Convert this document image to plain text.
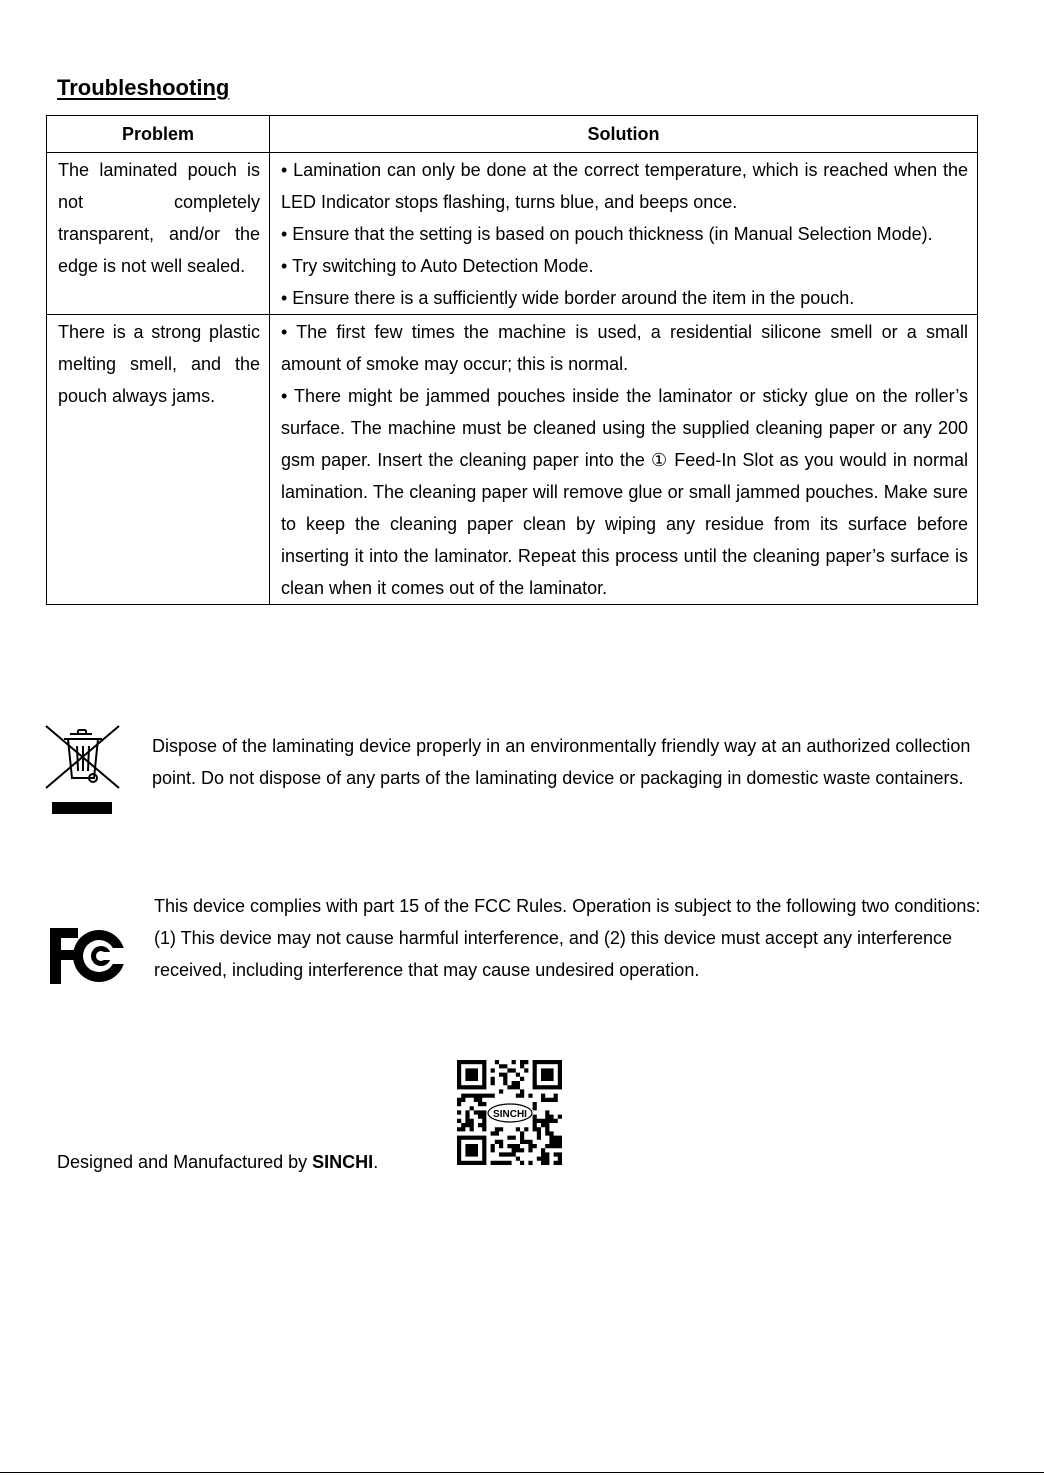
Troubleshooting
Problem	Solution
The laminated pouch is not completely transparent, and/or the edge is not well sealed.	• Lamination can only be done at the correct temperature, which is reached when the LED Indicator stops flashing, turns blue, and beeps once.
• Ensure that the setting is based on pouch thickness (in Manual Selection Mode).
• Try switching to Auto Detection Mode.
• Ensure there is a sufficiently wide border around the item in the pouch.

There is a strong plastic melting smell, and the pouch always jams.	• The first few times the machine is used, a residential silicone smell or a small amount of smoke may occur; this is normal.
• There might be jammed pouches inside the laminator or sticky glue on the roller’s surface. The machine must be cleaned using the supplied cleaning paper or any 200 gsm paper. Insert the cleaning paper into the ① Feed-In Slot as you would in normal lamination. The cleaning paper will remove glue or small jammed pouches. Make sure to keep the cleaning paper clean by wiping any residue from its surface before inserting it into the laminator. Repeat this process until the cleaning paper’s surface is clean when it comes out of the laminator.
Dispose of the laminating device properly in an environmentally friendly way at an authorized collection point. Do not dispose of any parts of the laminating device or packaging in domestic waste containers.
This device complies with part 15 of the FCC Rules. Operation is subject to the following two conditions:
(1) This device may not cause harmful interference, and (2) this device must accept any interference received, including interference that may cause undesired operation.
Designed and Manufactured by SINCHI.
SINCHI
